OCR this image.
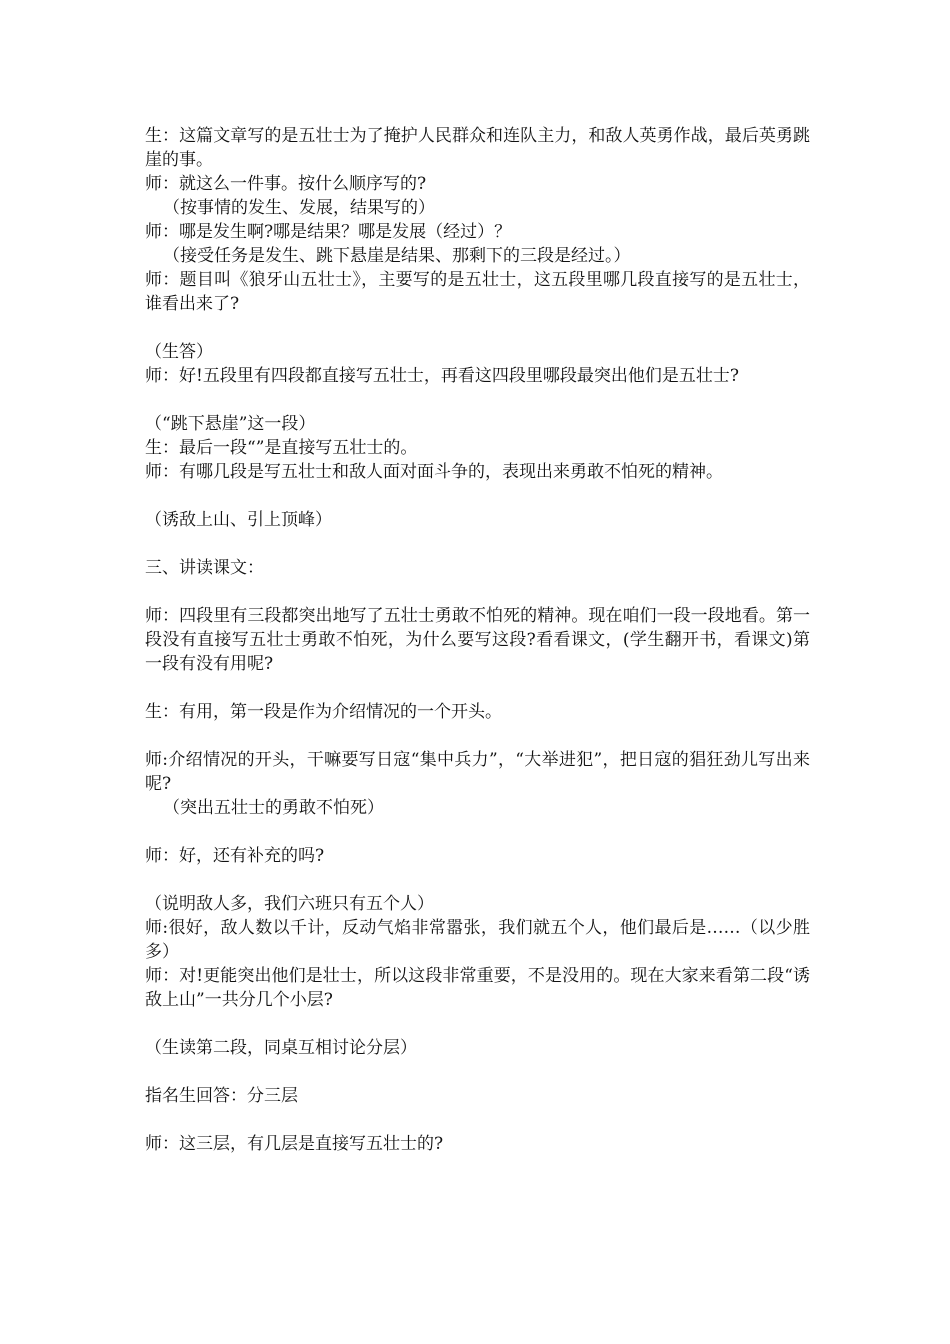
生：这篇文章写的是五壮士为了掩护人民群众和连队主力，和敌人英勇作战，最后英勇跳崖的事。

师：就这么一件事。按什么顺序写的?

（按事情的发生、发展，结果写的）

师：哪是发生啊?哪是结果？哪是发展（经过）？

（接受任务是发生、跳下悬崖是结果、那剩下的三段是经过。）

师：题目叫《狼牙山五壮士》，主要写的是五壮士，这五段里哪几段直接写的是五壮士，谁看出来了?

（生答）

师：好!五段里有四段都直接写五壮士，再看这四段里哪段最突出他们是五壮士?

（“跳下悬崖”这一段）

生：最后一段“”是直接写五壮士的。

师：有哪几段是写五壮士和敌人面对面斗争的，表现出来勇敢不怕死的精神。

（诱敌上山、引上顶峰）

三、讲读课文：

师：四段里有三段都突出地写了五壮士勇敢不怕死的精神。现在咱们一段一段地看。第一段没有直接写五壮士勇敢不怕死，为什么要写这段?看看课文，(学生翻开书，看课文)第一段有没有用呢?

生：有用，第一段是作为介绍情况的一个开头。

师:介绍情况的开头，干嘛要写日寇“集中兵力”，“大举进犯”，把日寇的猖狂劲儿写出来呢?

（突出五壮士的勇敢不怕死）

师：好，还有补充的吗?

（说明敌人多，我们六班只有五个人）

师:很好，敌人数以千计，反动气焰非常嚣张，我们就五个人，他们最后是……（以少胜多）

师：对!更能突出他们是壮士，所以这段非常重要，不是没用的。现在大家来看第二段“诱敌上山”一共分几个小层?

（生读第二段，同桌互相讨论分层）

指名生回答：分三层

师：这三层，有几层是直接写五壮士的?
